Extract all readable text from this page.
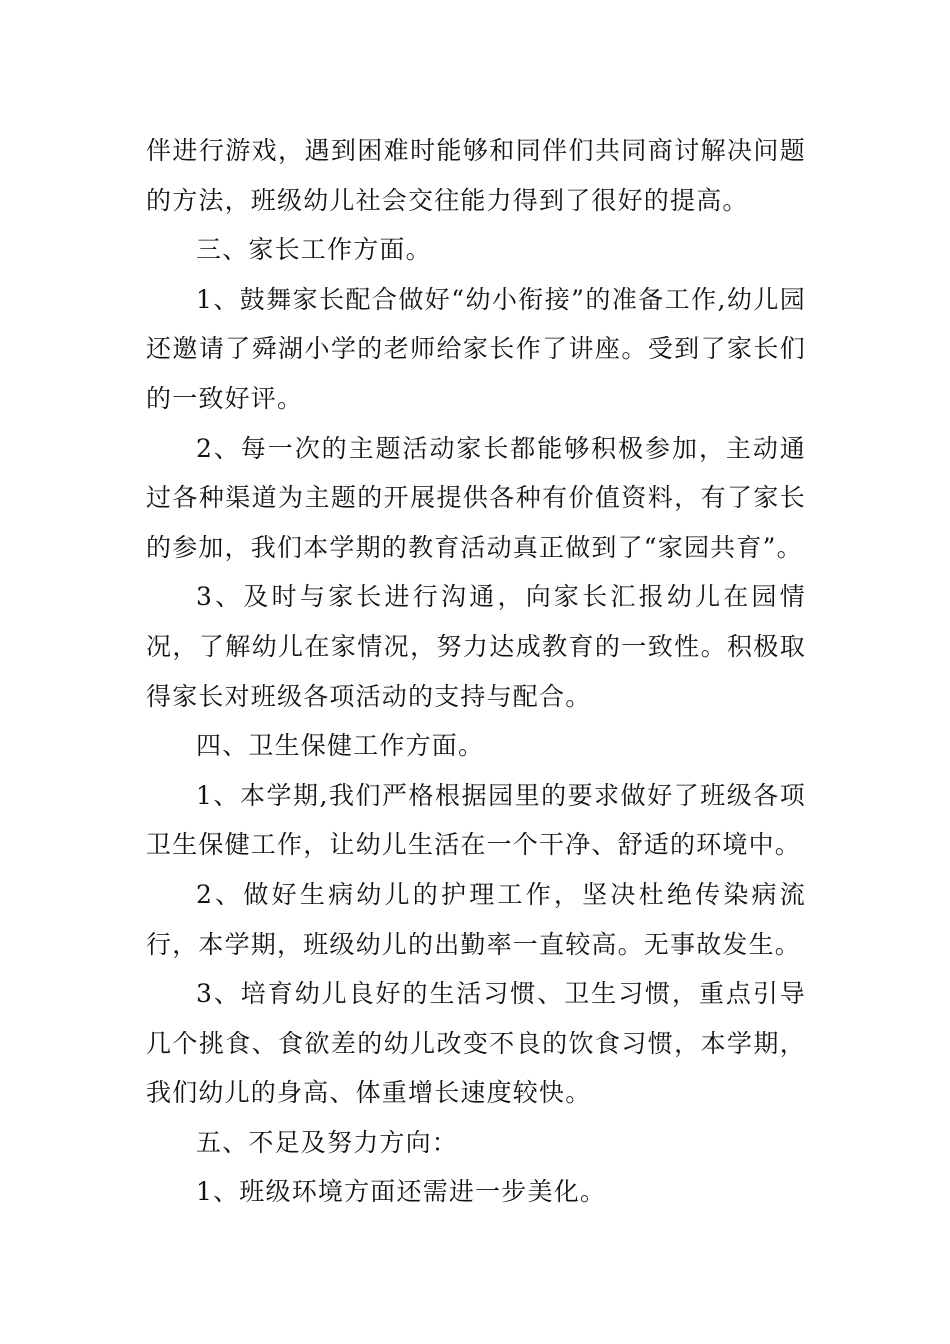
伴进行游戏，遇到困难时能够和同伴们共同商讨解决问题的方法，班级幼儿社会交往能力得到了很好的提高。

三、家长工作方面。

1、鼓舞家长配合做好“幼小衔接”的准备工作,幼儿园还邀请了舜湖小学的老师给家长作了讲座。受到了家长们的一致好评。

2、每一次的主题活动家长都能够积极参加，主动通过各种渠道为主题的开展提供各种有价值资料，有了家长的参加，我们本学期的教育活动真正做到了“家园共育”。

3、及时与家长进行沟通，向家长汇报幼儿在园情况，了解幼儿在家情况，努力达成教育的一致性。积极取得家长对班级各项活动的支持与配合。

四、卫生保健工作方面。

1、本学期,我们严格根据园里的要求做好了班级各项卫生保健工作，让幼儿生活在一个干净、舒适的环境中。

2、做好生病幼儿的护理工作，坚决杜绝传染病流行，本学期，班级幼儿的出勤率一直较高。无事故发生。

3、培育幼儿良好的生活习惯、卫生习惯，重点引导几个挑食、食欲差的幼儿改变不良的饮食习惯，本学期，我们幼儿的身高、体重增长速度较快。

五、不足及努力方向：

1、班级环境方面还需进一步美化。
